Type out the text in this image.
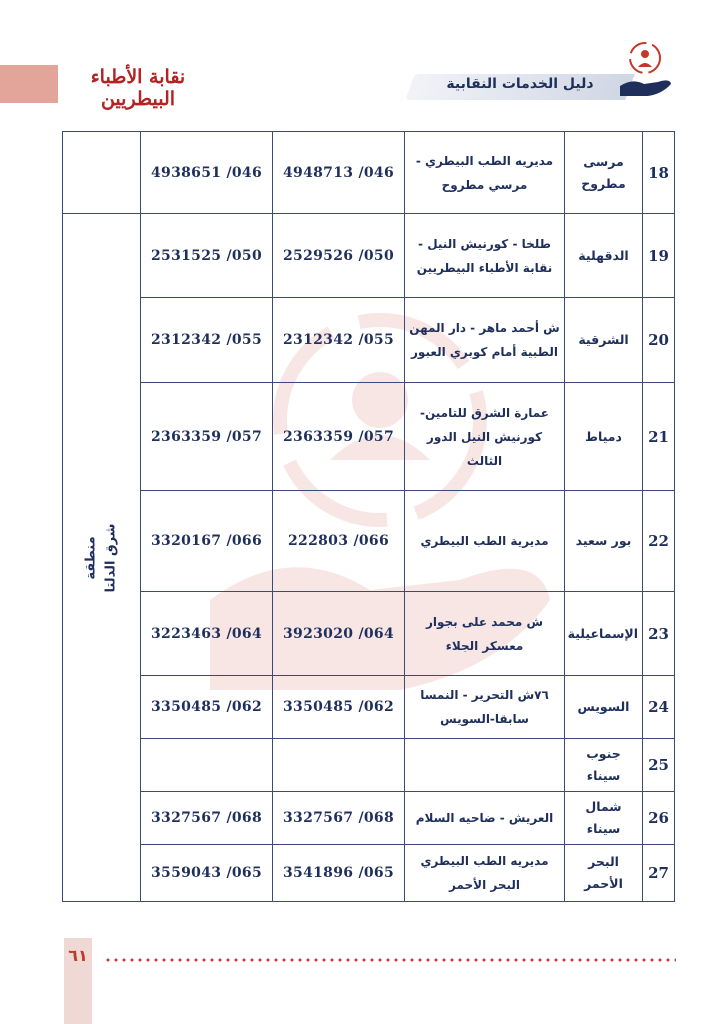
نقابة الأطباء البيطريين
دليل الخدمات النقابية
18	مرسى مطروح	مديريه الطب البيطري - مرسي مطروح	046/ 4948713	046/ 4938651	
19	الدقهلية	طلخا - كورنيش النيل - نقابة الأطباء البيطريين	050/ 2529526	050/ 2531525	منطقة شرق الدلتا

20	الشرقية	ش أحمد ماهر - دار المهن الطبية أمام كوبري العبور	055/ 2312342	055/ 2312342	
21	دمياط	عمارة الشرق للتامين- كورنيش النيل الدور الثالث	057/ 2363359	057/ 2363359	
22	بور سعيد	مديرية الطب البيطري	066/ 222803	066/ 3320167	
23	الإسماعيلية	ش محمد على بجوار معسكر الجلاء	064/ 3923020	064/ 3223463	
24	السويس	٧٦ش التحرير - النمسا سابقا-السويس	062/ 3350485	062/ 3350485	
25	جنوب سيناء				
26	شمال سيناء	العريش - ضاحيه السلام	068/ 3327567	068/ 3327567	
27	البحر الأحمر	مديريه الطب البيطري البحر الأحمر	065/ 3541896	065/ 3559043	
٦١
